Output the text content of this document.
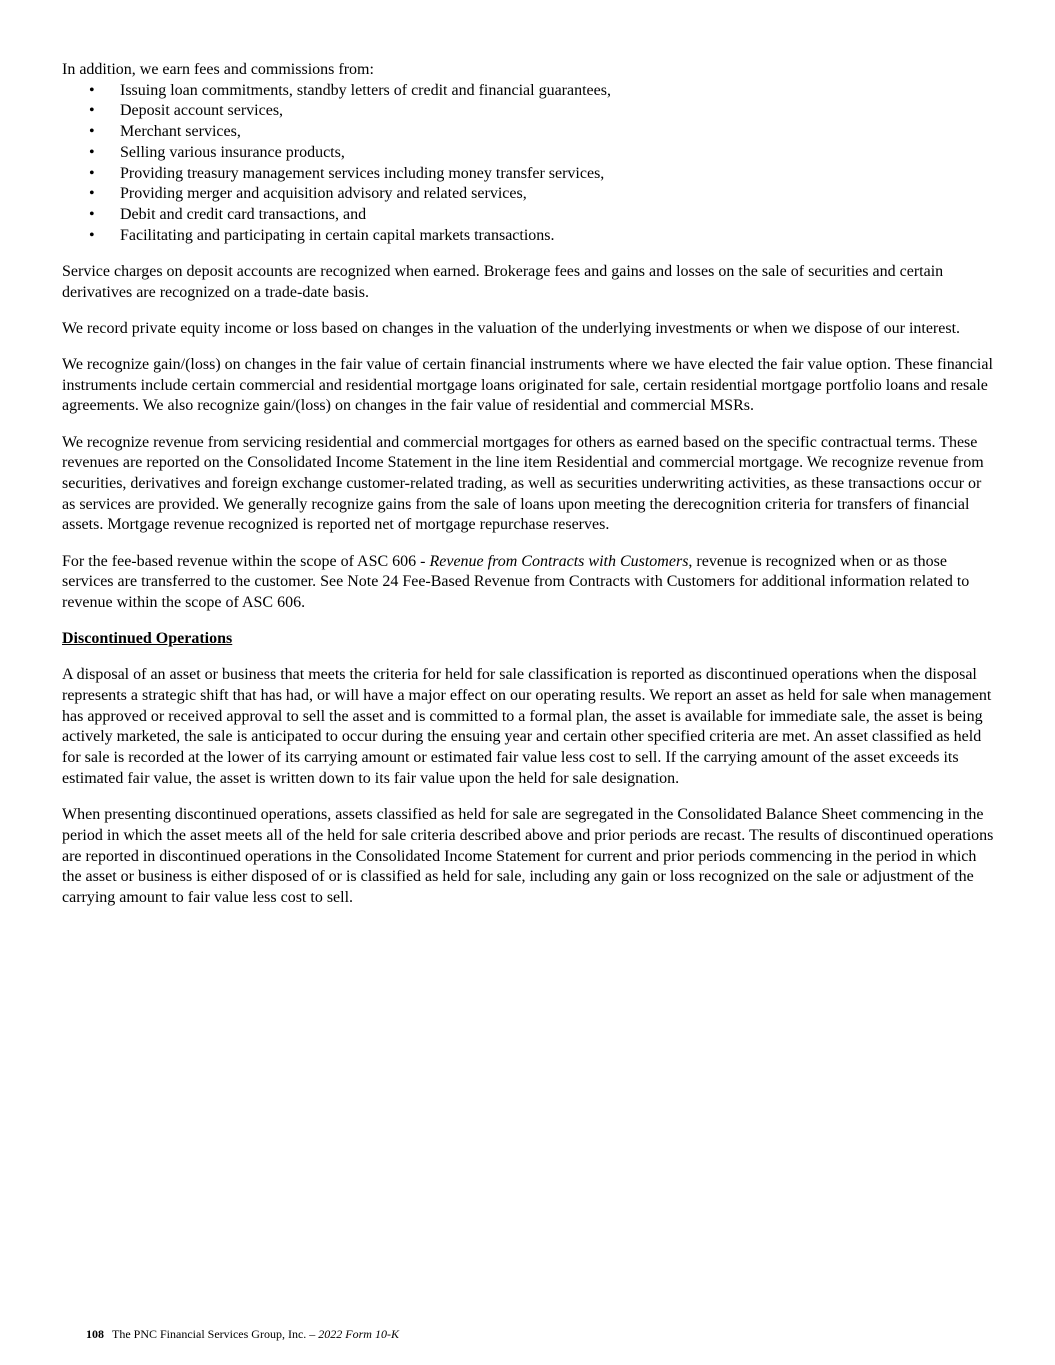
In addition, we earn fees and commissions from:

• Issuing loan commitments, standby letters of credit and financial guarantees,
• Deposit account services,
• Merchant services,
• Selling various insurance products,
• Providing treasury management services including money transfer services,
• Providing merger and acquisition advisory and related services,
• Debit and credit card transactions, and
• Facilitating and participating in certain capital markets transactions.

Service charges on deposit accounts are recognized when earned. Brokerage fees and gains and losses on the sale of securities and certain derivatives are recognized on a trade-date basis.

We record private equity income or loss based on changes in the valuation of the underlying investments or when we dispose of our interest.

We recognize gain/(loss) on changes in the fair value of certain financial instruments where we have elected the fair value option. These financial instruments include certain commercial and residential mortgage loans originated for sale, certain residential mortgage portfolio loans and resale agreements. We also recognize gain/(loss) on changes in the fair value of residential and commercial MSRs.

We recognize revenue from servicing residential and commercial mortgages for others as earned based on the specific contractual terms. These revenues are reported on the Consolidated Income Statement in the line item Residential and commercial mortgage. We recognize revenue from securities, derivatives and foreign exchange customer-related trading, as well as securities underwriting activities, as these transactions occur or as services are provided. We generally recognize gains from the sale of loans upon meeting the derecognition criteria for transfers of financial assets. Mortgage revenue recognized is reported net of mortgage repurchase reserves.

For the fee-based revenue within the scope of ASC 606 - Revenue from Contracts with Customers, revenue is recognized when or as those services are transferred to the customer. See Note 24 Fee-Based Revenue from Contracts with Customers for additional information related to revenue within the scope of ASC 606.

Discontinued Operations

A disposal of an asset or business that meets the criteria for held for sale classification is reported as discontinued operations when the disposal represents a strategic shift that has had, or will have a major effect on our operating results. We report an asset as held for sale when management has approved or received approval to sell the asset and is committed to a formal plan, the asset is available for immediate sale, the asset is being actively marketed, the sale is anticipated to occur during the ensuing year and certain other specified criteria are met. An asset classified as held for sale is recorded at the lower of its carrying amount or estimated fair value less cost to sell. If the carrying amount of the asset exceeds its estimated fair value, the asset is written down to its fair value upon the held for sale designation.

When presenting discontinued operations, assets classified as held for sale are segregated in the Consolidated Balance Sheet commencing in the period in which the asset meets all of the held for sale criteria described above and prior periods are recast. The results of discontinued operations are reported in discontinued operations in the Consolidated Income Statement for current and prior periods commencing in the period in which the asset or business is either disposed of or is classified as held for sale, including any gain or loss recognized on the sale or adjustment of the carrying amount to fair value less cost to sell.

108 The PNC Financial Services Group, Inc. – 2022 Form 10-K
